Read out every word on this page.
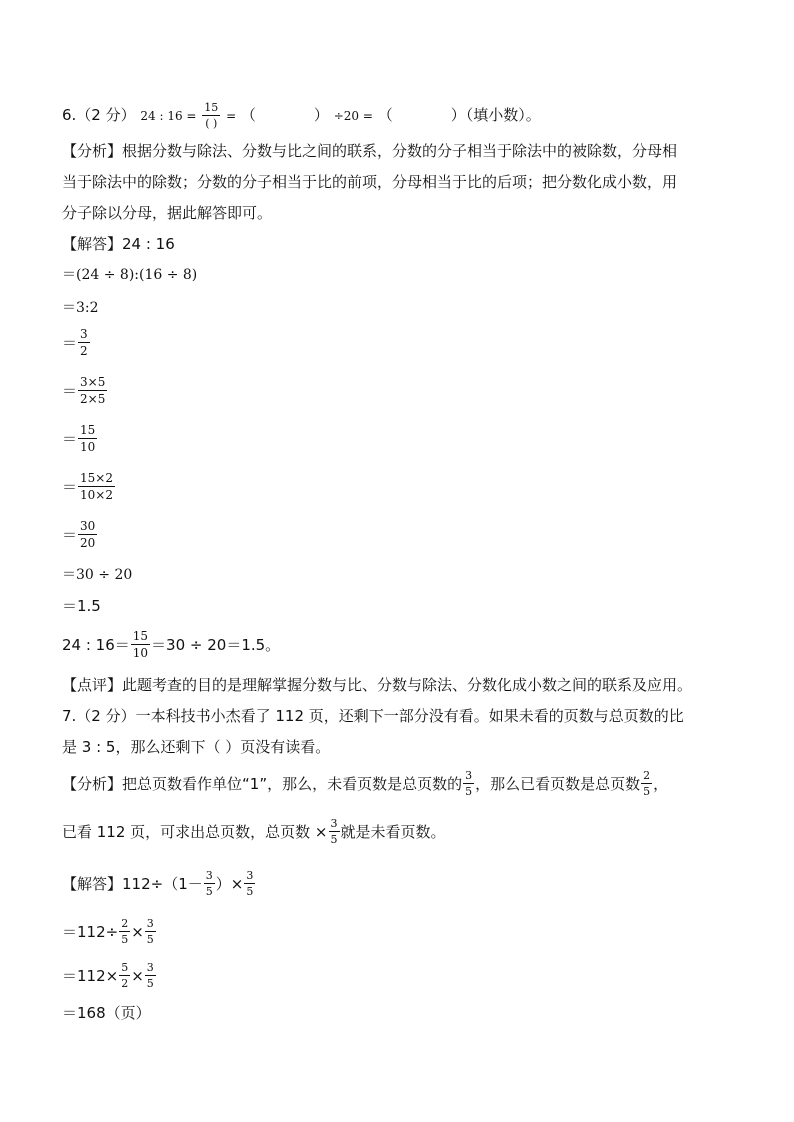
6.（2 分） 24 : $16 = \frac{15}{( )}$ = （	） ÷20 = （	）（填小数）。
【分析】根据分数与除法、分数与比之间的联系，分数的分子相当于除法中的被除数，分母相
当于除法中的除数；分数的分子相当于比的前项，分母相当于比的后项；把分数化成小数，用
分子除以分母，据此解答即可。
【解答】24 : 16
＝(24 ÷ 8):(16 ÷ 8)
＝3:2
＝ $\frac{3}{2}$
＝ $\frac{3\times 5}{2\times 5}$
＝ $\frac{15}{10}$
＝ $\frac{15\times 2}{10\times 2}$
＝ $\frac{30}{20}$
＝30 ÷ 20
＝1.5
24 : $16= \frac{15}{10} =30 \div 20=1.5$。
【点评】此题考查的目的是理解掌握分数与比、分数与除法、分数化成小数之间的联系及应用。
7.（2 分）一本科技书小杰看了 112 页，还剩下一部分没有看。如果未看的页数与总页数的比
是 3 : 5，那么还剩下（ ）页没有读看。
【分析】把总页数看作单位“1”，那么，未看页数是总页数的 $\frac{3}{5}$ ，那么已看页数是总页数 $\frac{2}{5}$ ，
已看 112 页，可求出总页数，总页数 × $\frac{3}{5}$ 就是未看页数。
【解答】$112\div(1- \frac{3}{5}$ ）× $\frac{3}{5}$
$=112\div \frac{2}{5} \times \frac{3}{5}$
$=112\times \frac{5}{2} \times \frac{3}{5}$
＝168（页）
